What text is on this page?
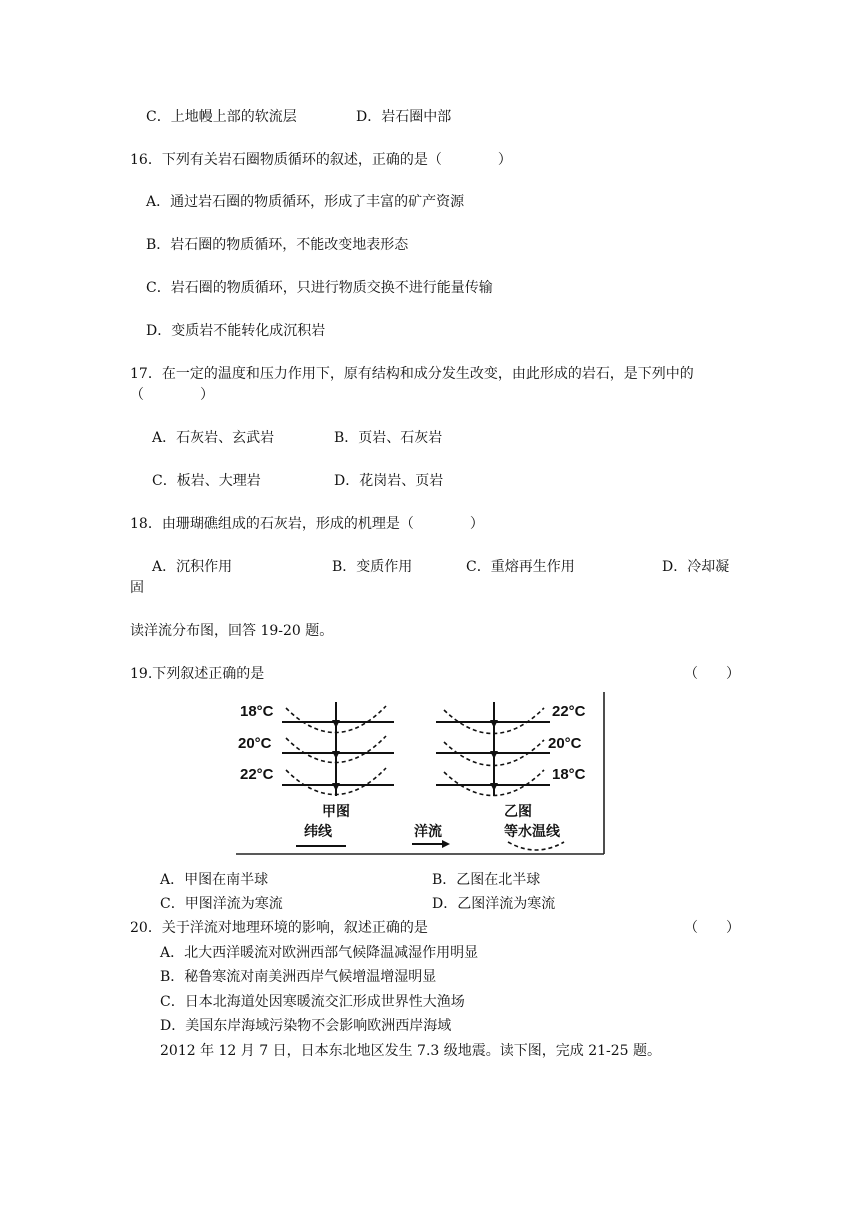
C．上地幔上部的软流层	D．岩石圈中部
16．下列有关岩石圈物质循环的叙述，正确的是（　　　　）
A．通过岩石圈的物质循环，形成了丰富的矿产资源
B．岩石圈的物质循环，不能改变地表形态
C．岩石圈的物质循环，只进行物质交换不进行能量传输
D．变质岩不能转化成沉积岩
17．在一定的温度和压力作用下，原有结构和成分发生改变，由此形成的岩石，是下列中的
（　　　　）
A．石灰岩、玄武岩	B．页岩、石灰岩
C．板岩、大理岩	D．花岗岩、页岩
18．由珊瑚礁组成的石灰岩，形成的机理是（　　　　）
A．沉积作用	B．变质作用	C．重熔再生作用	D．冷却凝
固
读洋流分布图，回答 19-20 题。
19.下列叙述正确的是	（　　）
18°C
20°C
22°C
甲图
22°C
20°C
18°C
乙图
纬线	洋流	等水温线
A．甲图在南半球	B．乙图在北半球
C．甲图洋流为寒流	D．乙图洋流为寒流
20．关于洋流对地理环境的影响，叙述正确的是	（　　）
A．北大西洋暖流对欧洲西部气候降温减湿作用明显
B．秘鲁寒流对南美洲西岸气候增温增湿明显
C．日本北海道处因寒暖流交汇形成世界性大渔场
D．美国东岸海域污染物不会影响欧洲西岸海域
2012 年 12 月 7 日，日本东北地区发生 7.3 级地震。读下图，完成 21-25 题。
